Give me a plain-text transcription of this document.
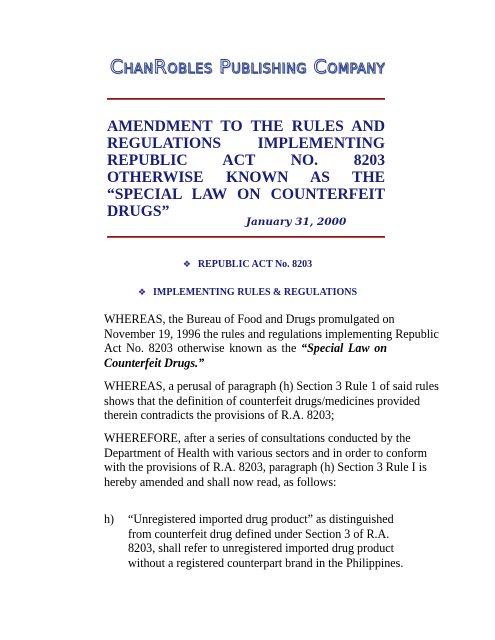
ChanRobles Publishing Company
AMENDMENT TO THE RULES AND
REGULATIONS IMPLEMENTING
REPUBLIC ACT NO. 8203
OTHERWISE KNOWN AS THE
“SPECIAL LAW ON COUNTERFEIT
DRUGS”
January 31, 2000
❖ REPUBLIC ACT No. 8203
❖ IMPLEMENTING RULES & REGULATIONS

WHEREAS, the Bureau of Food and Drugs promulgated on
November 19, 1996 the rules and regulations implementing Republic
Act No. 8203 otherwise known as the “Special Law on
Counterfeit Drugs.”

WHEREAS, a perusal of paragraph (h) Section 3 Rule 1 of said rules
shows that the definition of counterfeit drugs/medicines provided
therein contradicts the provisions of R.A. 8203;

WHEREFORE, after a series of consultations conducted by the
Department of Health with various sectors and in order to conform
with the provisions of R.A. 8203, paragraph (h) Section 3 Rule I is
hereby amended and shall now read, as follows:

h) “Unregistered imported drug product” as distinguished
from counterfeit drug defined under Section 3 of R.A.
8203, shall refer to unregistered imported drug product
without a registered counterpart brand in the Philippines.
